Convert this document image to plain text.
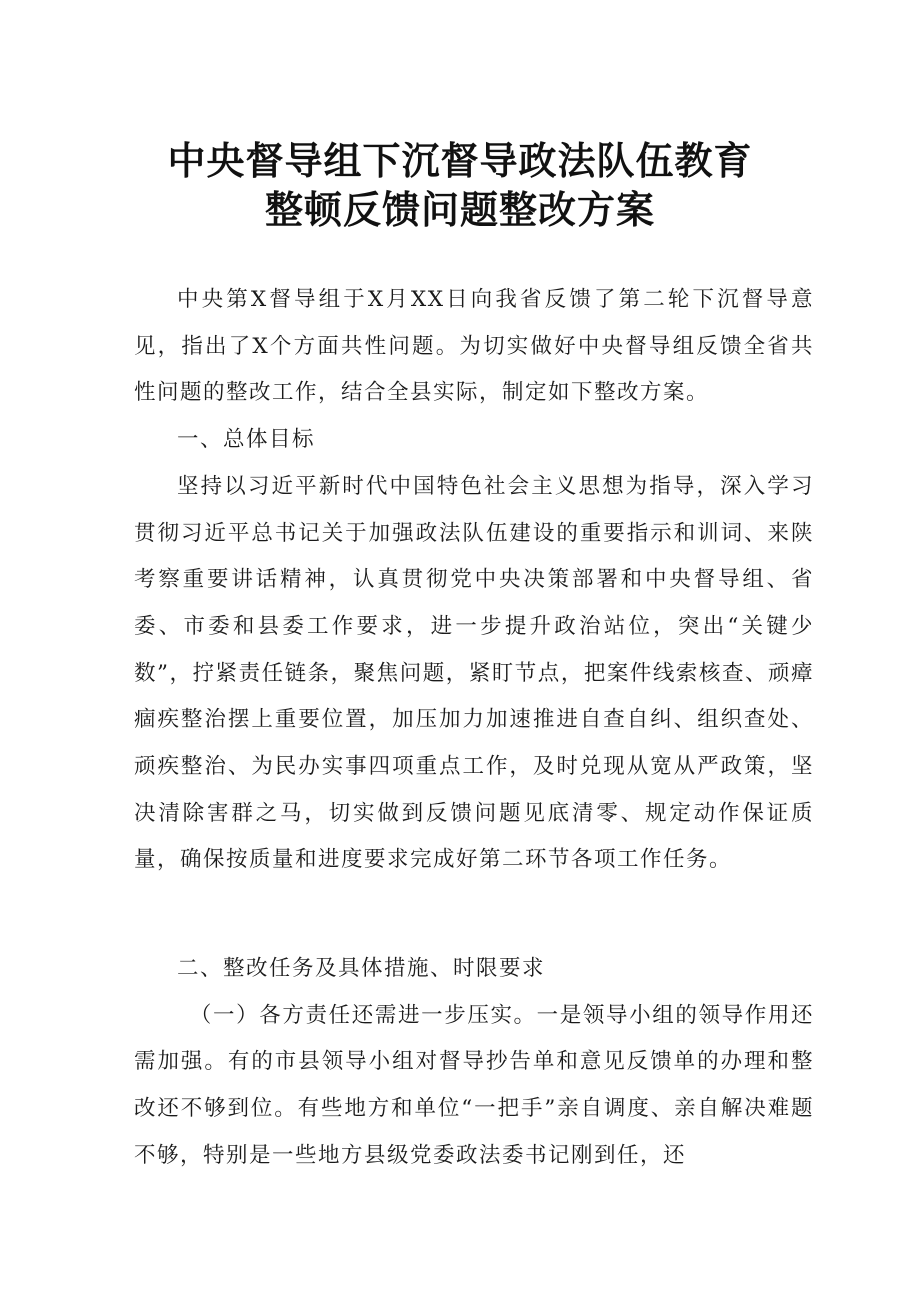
中央督导组下沉督导政法队伍教育
整顿反馈问题整改方案

中央第X督导组于X月XX日向我省反馈了第二轮下沉督导意见，指出了X个方面共性问题。为切实做好中央督导组反馈全省共性问题的整改工作，结合全县实际，制定如下整改方案。

一、总体目标

坚持以习近平新时代中国特色社会主义思想为指导，深入学习贯彻习近平总书记关于加强政法队伍建设的重要指示和训词、来陕考察重要讲话精神，认真贯彻党中央决策部署和中央督导组、省委、市委和县委工作要求，进一步提升政治站位，突出“关键少数”，拧紧责任链条，聚焦问题，紧盯节点，把案件线索核查、顽瘴痼疾整治摆上重要位置，加压加力加速推进自查自纠、组织查处、顽疾整治、为民办实事四项重点工作，及时兑现从宽从严政策，坚决清除害群之马，切实做到反馈问题见底清零、规定动作保证质量，确保按质量和进度要求完成好第二环节各项工作任务。

二、整改任务及具体措施、时限要求

（一）各方责任还需进一步压实。一是领导小组的领导作用还需加强。有的市县领导小组对督导抄告单和意见反馈单的办理和整改还不够到位。有些地方和单位“一把手”亲自调度、亲自解决难题不够，特别是一些地方县级党委政法委书记刚到任，还
